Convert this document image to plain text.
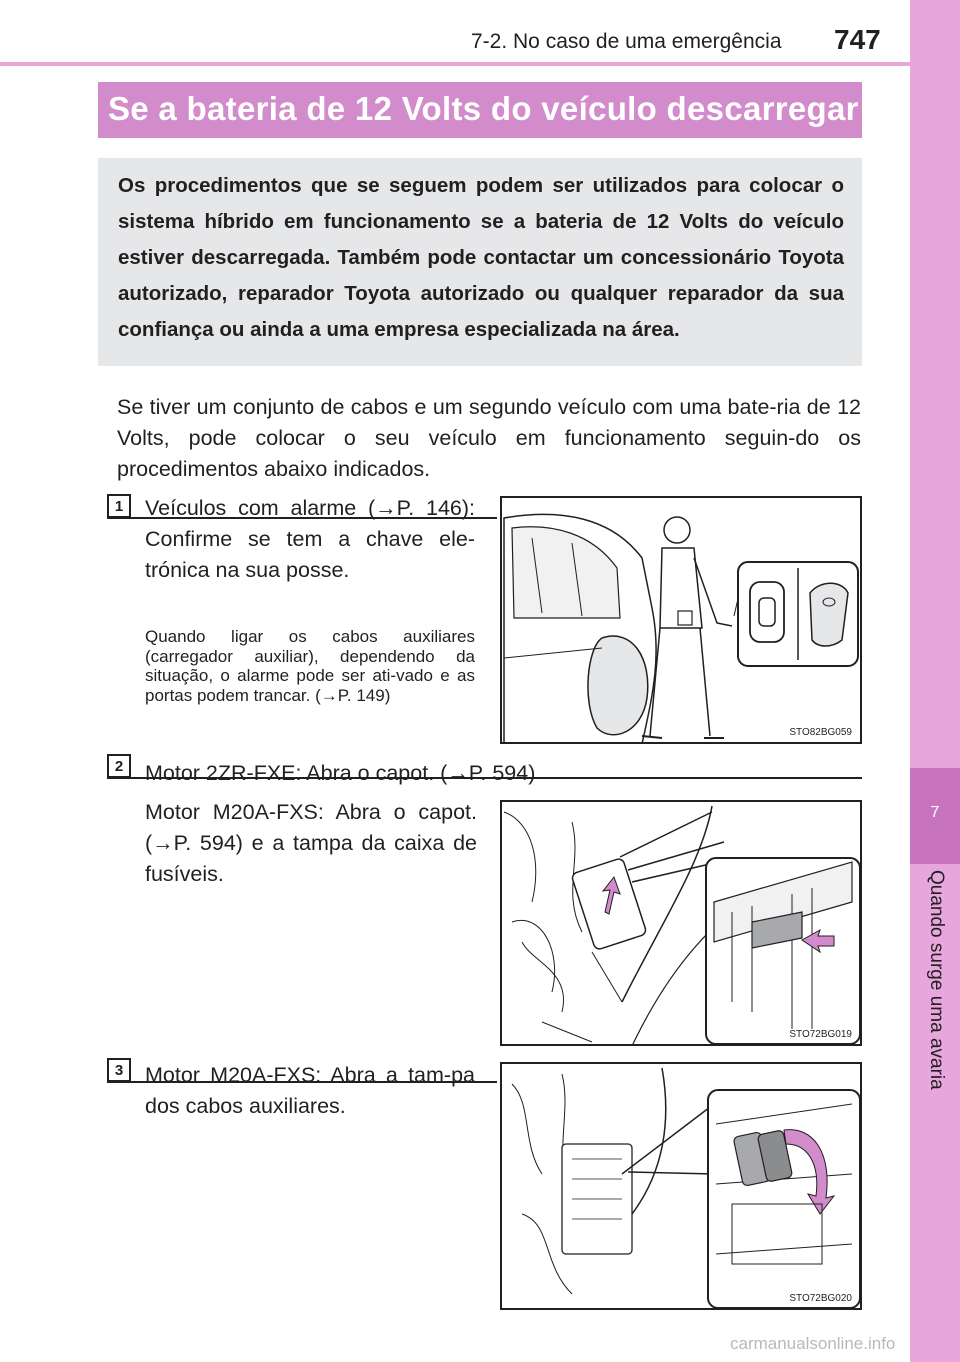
7-2. No caso de uma emergência 747
7
Quando surge uma avaria
Se a bateria de 12 Volts do veículo descarregar
Os procedimentos que se seguem podem ser utilizados para colocar o sistema híbrido em funcionamento se a bateria de 12 Volts do veículo estiver descarregada. Também pode contactar um concessionário Toyota autorizado, reparador Toyota autorizado ou qualquer reparador da sua confiança ou ainda a uma empresa especializada na área.
Se tiver um conjunto de cabos e um segundo veículo com uma bate-ria de 12 Volts, pode colocar o seu veículo em funcionamento seguin-do os procedimentos abaixo indicados.
1	Veículos com alarme (→P. 146): Confirme se tem a chave ele-trónica na sua posse.
Quando ligar os cabos auxiliares (carregador auxiliar), dependendo da situação, o alarme pode ser ati-vado e as portas podem trancar. (→P. 149)
STO82BG059
2	Motor 2ZR-FXE: Abra o capot. (→P. 594)
Motor M20A-FXS: Abra o capot. (→P. 594) e a tampa da caixa de fusíveis.
STO72BG019
3	Motor M20A-FXS: Abra a tam-pa dos cabos auxiliares.
STO72BG020
carmanualsonline.info
